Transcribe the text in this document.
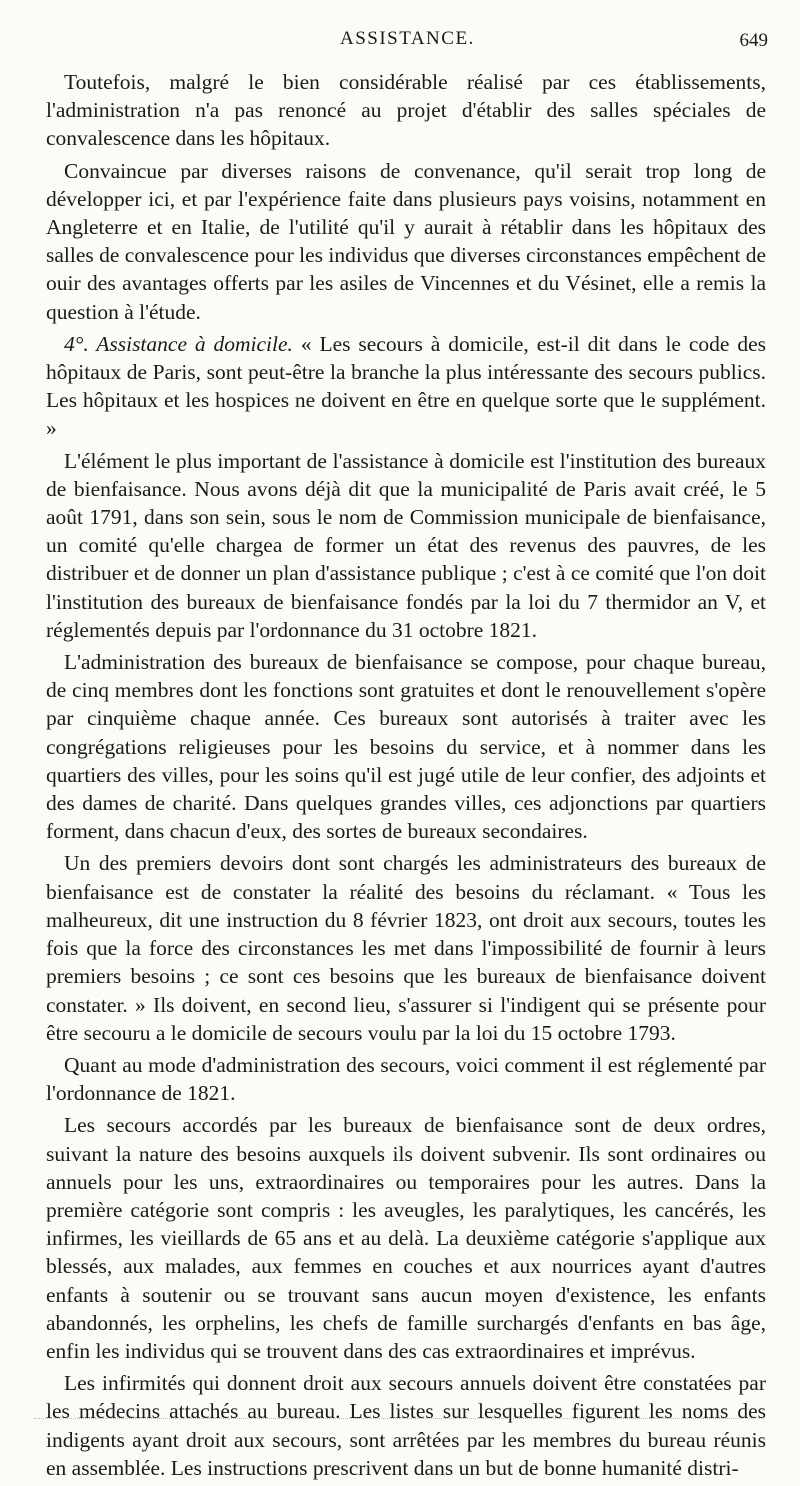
ASSISTANCE.	649

Toutefois, malgré le bien considérable réalisé par ces établissements, l'administration n'a pas renoncé au projet d'établir des salles spéciales de convalescence dans les hôpitaux.

Convaincue par diverses raisons de convenance, qu'il serait trop long de développer ici, et par l'expérience faite dans plusieurs pays voisins, notamment en Angleterre et en Italie, de l'utilité qu'il y aurait à rétablir dans les hôpitaux des salles de convalescence pour les individus que diverses circonstances empêchent de ouir des avantages offerts par les asiles de Vincennes et du Vésinet, elle a remis la question à l'étude.

4°. Assistance à domicile. « Les secours à domicile, est-il dit dans le code des hôpitaux de Paris, sont peut-être la branche la plus intéressante des secours publics. Les hôpitaux et les hospices ne doivent en être en quelque sorte que le supplément. »

L'élément le plus important de l'assistance à domicile est l'institution des bureaux de bienfaisance. Nous avons déjà dit que la municipalité de Paris avait créé, le 5 août 1791, dans son sein, sous le nom de Commission municipale de bienfaisance, un comité qu'elle chargea de former un état des revenus des pauvres, de les distribuer et de donner un plan d'assistance publique ; c'est à ce comité que l'on doit l'institution des bureaux de bienfaisance fondés par la loi du 7 thermidor an V, et réglementés depuis par l'ordonnance du 31 octobre 1821.

L'administration des bureaux de bienfaisance se compose, pour chaque bureau, de cinq membres dont les fonctions sont gratuites et dont le renouvellement s'opère par cinquième chaque année. Ces bureaux sont autorisés à traiter avec les congrégations religieuses pour les besoins du service, et à nommer dans les quartiers des villes, pour les soins qu'il est jugé utile de leur confier, des adjoints et des dames de charité. Dans quelques grandes villes, ces adjonctions par quartiers forment, dans chacun d'eux, des sortes de bureaux secondaires.

Un des premiers devoirs dont sont chargés les administrateurs des bureaux de bienfaisance est de constater la réalité des besoins du réclamant. « Tous les malheureux, dit une instruction du 8 février 1823, ont droit aux secours, toutes les fois que la force des circonstances les met dans l'impossibilité de fournir à leurs premiers besoins ; ce sont ces besoins que les bureaux de bienfaisance doivent constater. » Ils doivent, en second lieu, s'assurer si l'indigent qui se présente pour être secouru a le domicile de secours voulu par la loi du 15 octobre 1793.

Quant au mode d'administration des secours, voici comment il est réglementé par l'ordonnance de 1821.

Les secours accordés par les bureaux de bienfaisance sont de deux ordres, suivant la nature des besoins auxquels ils doivent subvenir. Ils sont ordinaires ou annuels pour les uns, extraordinaires ou temporaires pour les autres. Dans la première catégorie sont compris : les aveugles, les paralytiques, les cancérés, les infirmes, les vieillards de 65 ans et au delà. La deuxième catégorie s'applique aux blessés, aux malades, aux femmes en couches et aux nourrices ayant d'autres enfants à soutenir ou se trouvant sans aucun moyen d'existence, les enfants abandonnés, les orphelins, les chefs de famille surchargés d'enfants en bas âge, enfin les individus qui se trouvent dans des cas extraordinaires et imprévus.

Les infirmités qui donnent droit aux secours annuels doivent être constatées par les médecins attachés au bureau. Les listes sur lesquelles figurent les noms des indigents ayant droit aux secours, sont arrêtées par les membres du bureau réunis en assemblée. Les instructions prescrivent dans un but de bonne humanité distri-
